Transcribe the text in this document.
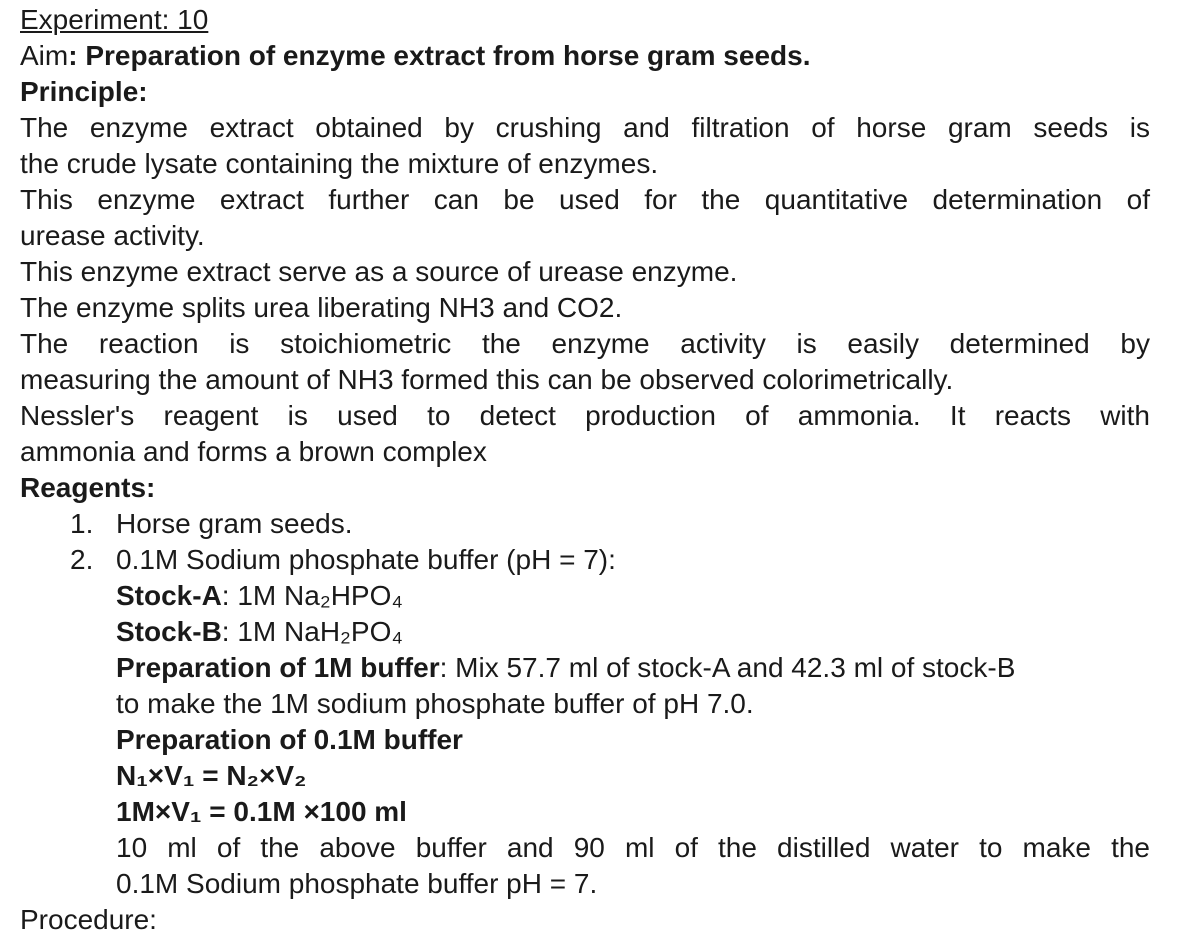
Experiment: 10

Aim: Preparation of enzyme extract from horse gram seeds.

Principle:

The enzyme extract obtained by crushing and filtration of horse gram seeds is

the crude lysate containing the mixture of enzymes.

This enzyme extract further can be used for the quantitative determination of

urease activity.

This enzyme extract serve as a source of urease enzyme.

The enzyme splits urea liberating NH3 and CO2.

The reaction is stoichiometric the enzyme activity is easily determined by

measuring the amount of NH3 formed this can be observed colorimetrically.

Nessler's reagent is used to detect production of ammonia. It reacts with

ammonia and forms a brown complex

Reagents:

1. Horse gram seeds.

2. 0.1M Sodium phosphate buffer (pH = 7):

Stock-A: 1M Na₂HPO₄

Stock-B: 1M NaH₂PO₄

Preparation of 1M buffer: Mix 57.7 ml of stock-A and 42.3 ml of stock-B

to make the 1M sodium phosphate buffer of pH 7.0.

Preparation of 0.1M buffer

N₁×V₁ = N₂×V₂

1M×V₁ = 0.1M ×100 ml

10 ml of the above buffer and 90 ml of the distilled water to make the

0.1M Sodium phosphate buffer pH = 7.

Procedure:
